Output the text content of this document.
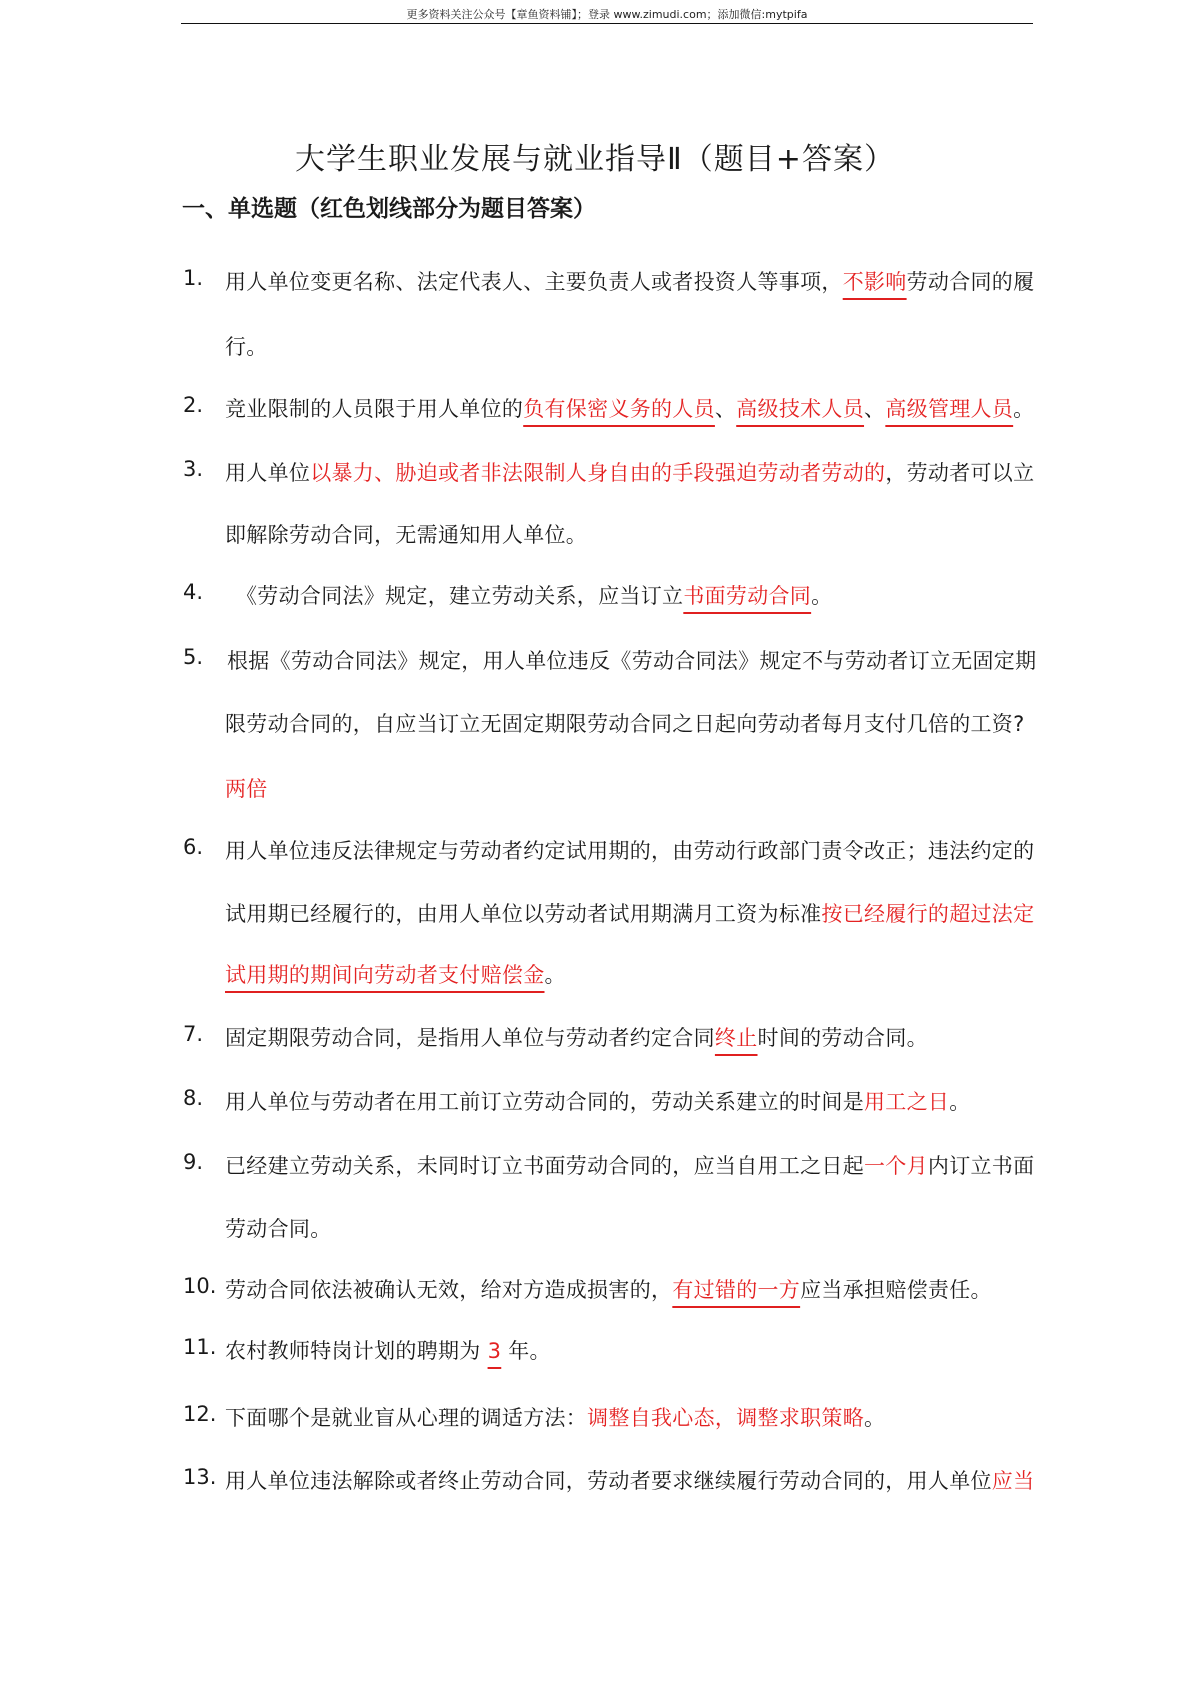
更多资料关注公众号【章鱼资料铺】；登录 www.zimudi.com；添加微信:mytpifa
大学生职业发展与就业指导Ⅱ（题目+答案）
一、单选题（红色划线部分为题目答案）
1. 用人单位变更名称、法定代表人、主要负责人或者投资人等事项，不影响劳动合同的履
行。
2. 竞业限制的人员限于用人单位的负有保密义务的人员、高级技术人员、高级管理人员。
3. 用人单位以暴力、胁迫或者非法限制人身自由的手段强迫劳动者劳动的，劳动者可以立
即解除劳动合同，无需通知用人单位。
4. 《劳动合同法》规定，建立劳动关系，应当订立书面劳动合同。
5. 根据《劳动合同法》规定，用人单位违反《劳动合同法》规定不与劳动者订立无固定期
限劳动合同的，自应当订立无固定期限劳动合同之日起向劳动者每月支付几倍的工资?
两倍
6. 用人单位违反法律规定与劳动者约定试用期的，由劳动行政部门责令改正；违法约定的
试用期已经履行的，由用人单位以劳动者试用期满月工资为标准按已经履行的超过法定
试用期的期间向劳动者支付赔偿金。
7. 固定期限劳动合同，是指用人单位与劳动者约定合同终止时间的劳动合同。
8. 用人单位与劳动者在用工前订立劳动合同的，劳动关系建立的时间是用工之日。
9. 已经建立劳动关系，未同时订立书面劳动合同的，应当自用工之日起一个月内订立书面
劳动合同。
10. 劳动合同依法被确认无效，给对方造成损害的，有过错的一方应当承担赔偿责任。
11. 农村教师特岗计划的聘期为 3 年。
12. 下面哪个是就业盲从心理的调适方法：调整自我心态，调整求职策略。
13. 用人单位违法解除或者终止劳动合同，劳动者要求继续履行劳动合同的，用人单位应当
